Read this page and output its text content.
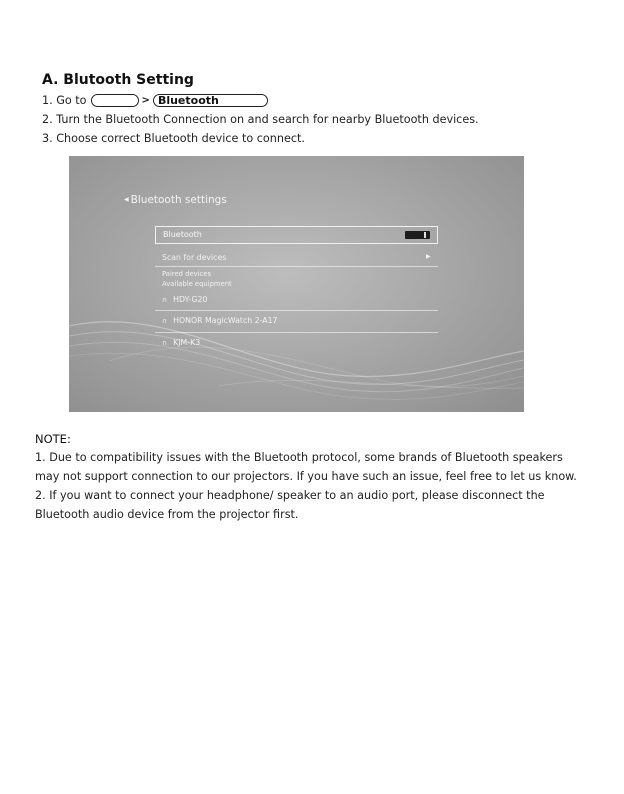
A. Blutooth Setting
1. Go to	> Bluetooth
2. Turn the Bluetooth Connection on and search for nearby Bluetooth devices.
3. Choose correct Bluetooth device to connect.
◀ Bluetooth settings
Bluetooth
Scan for devices	▶
Paired devices
Available equipment
∩ HDY-G20
∩ HONOR MagicWatch 2-A17
∩ KJM-K3
NOTE:
1. Due to compatibility issues with the Bluetooth protocol, some brands of Bluetooth speakers
may not support connection to our projectors. If you have such an issue, feel free to let us know.
2. If you want to connect your headphone/ speaker to an audio port, please disconnect the
Bluetooth audio device from the projector first.
